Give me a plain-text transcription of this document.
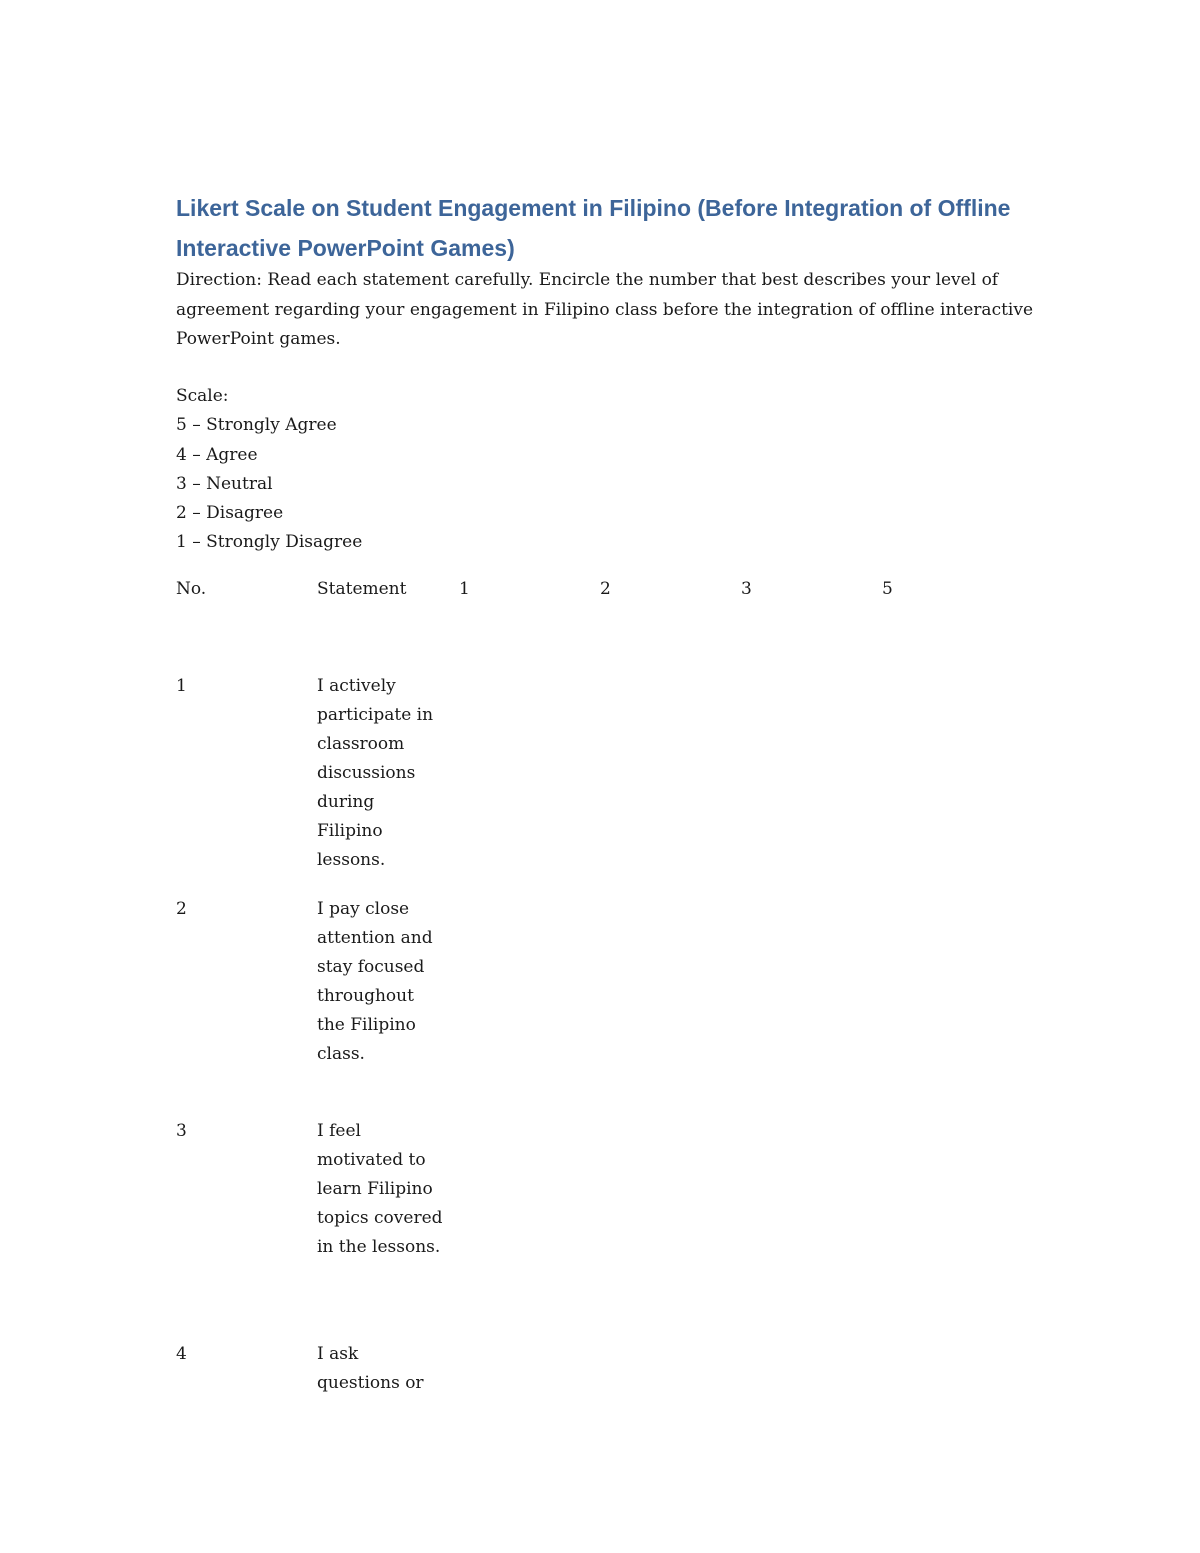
Likert Scale on Student Engagement in Filipino (Before Integration of Offline Interactive PowerPoint Games)

Direction: Read each statement carefully. Encircle the number that best describes your level of agreement regarding your engagement in Filipino class before the integration of offline interactive PowerPoint games.

Scale:
5 – Strongly Agree
4 – Agree
3 – Neutral
2 – Disagree
1 – Strongly Disagree
No.	Statement	1	2	3	5
1	I actively participate in classroom discussions during Filipino lessons.
2	I pay close attention and stay focused throughout the Filipino class.
3	I feel motivated to learn Filipino topics covered in the lessons.
4	I ask questions or
